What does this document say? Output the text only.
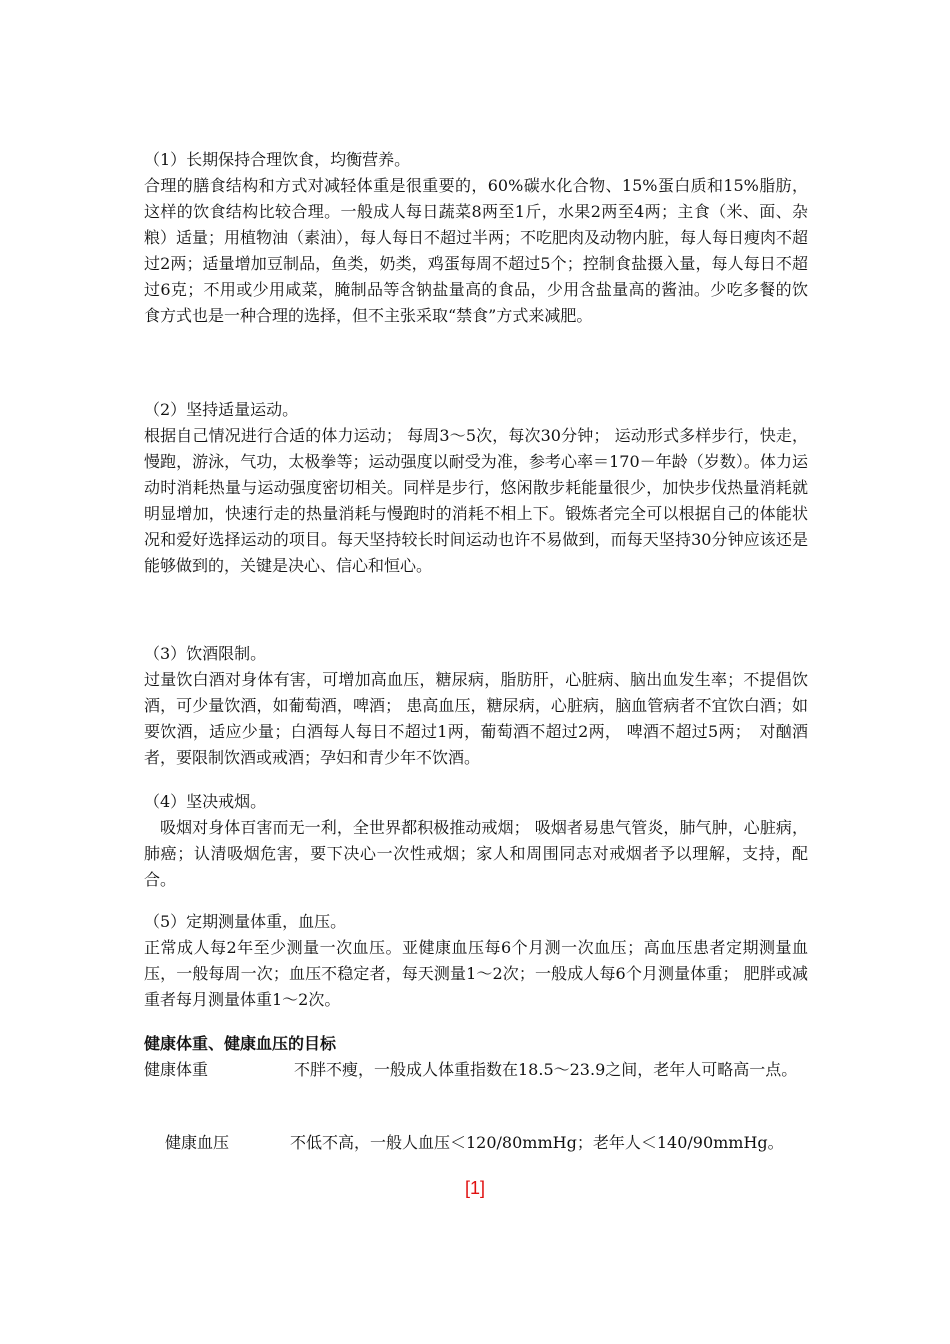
（1）长期保持合理饮食，均衡营养。

合理的膳食结构和方式对减轻体重是很重要的，60%碳水化合物、15%蛋白质和15%脂肪，这样的饮食结构比较合理。一般成人每日蔬菜8两至1斤，水果2两至4两；主食（米、面、杂粮）适量；用植物油（素油），每人每日不超过半两；不吃肥肉及动物内脏，每人每日瘦肉不超过2两；适量增加豆制品，鱼类，奶类，鸡蛋每周不超过5个；控制食盐摄入量，每人每日不超过6克；不用或少用咸菜，腌制品等含钠盐量高的食品，少用含盐量高的酱油。少吃多餐的饮食方式也是一种合理的选择，但不主张采取“禁食”方式来减肥。

（2）坚持适量运动。

根据自己情况进行合适的体力运动； 每周3～5次，每次30分钟； 运动形式多样步行，快走，慢跑，游泳，气功，太极拳等；运动强度以耐受为准，参考心率＝170－年龄（岁数）。体力运动时消耗热量与运动强度密切相关。同样是步行，悠闲散步耗能量很少，加快步伐热量消耗就明显增加，快速行走的热量消耗与慢跑时的消耗不相上下。锻炼者完全可以根据自己的体能状况和爱好选择运动的项目。每天坚持较长时间运动也许不易做到，而每天坚持30分钟应该还是能够做到的，关键是决心、信心和恒心。

（3）饮酒限制。

过量饮白酒对身体有害，可增加高血压，糖尿病，脂肪肝，心脏病、脑出血发生率；不提倡饮酒，可少量饮酒，如葡萄酒，啤酒； 患高血压，糖尿病，心脏病，脑血管病者不宜饮白酒；如要饮酒，适应少量；白酒每人每日不超过1两，葡萄酒不超过2两， 啤酒不超过5两；　对酗酒者，要限制饮酒或戒酒；孕妇和青少年不饮酒。

（4）坚决戒烟。

吸烟对身体百害而无一利，全世界都积极推动戒烟； 吸烟者易患气管炎，肺气肿，心脏病，肺癌；认清吸烟危害，要下决心一次性戒烟；家人和周围同志对戒烟者予以理解，支持，配合。

（5）定期测量体重，血压。

正常成人每2年至少测量一次血压。亚健康血压每6个月测一次血压；高血压患者定期测量血压，一般每周一次；血压不稳定者，每天测量1～2次；一般成人每6个月测量体重； 肥胖或减重者每月测量体重1～2次。

健康体重、健康血压的目标

健康体重	不胖不瘦，一般成人体重指数在18.5～23.9之间，老年人可略高一点。
健康血压	不低不高，一般人血压＜120/80mmHg；老年人＜140/90mmHg。
[1]
